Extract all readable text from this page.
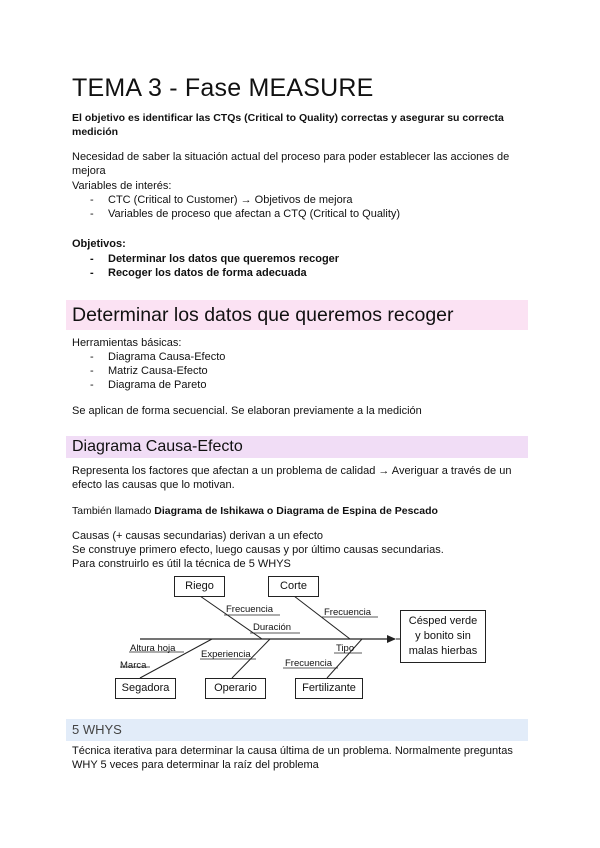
TEMA 3 - Fase MEASURE
El objetivo es identificar las CTQs (Critical to Quality) correctas y asegurar su correcta medición
Necesidad de saber la situación actual del proceso para poder establecer las acciones de mejora
Variables de interés:
- CTC (Critical to Customer) → Objetivos de mejora
- Variables de proceso que afectan a CTQ (Critical to Quality)
Objetivos:
- Determinar los datos que queremos recoger
- Recoger los datos de forma adecuada
Determinar los datos que queremos recoger
Herramientas básicas:
- Diagrama Causa-Efecto
- Matriz Causa-Efecto
- Diagrama de Pareto
Se aplican de forma secuencial. Se elaboran previamente a la medición
Diagrama Causa-Efecto
Representa los factores que afectan a un problema de calidad → Averiguar a través de un efecto las causas que lo motivan.
También llamado Diagrama de Ishikawa o Diagrama de Espina de Pescado
Causas (+ causas secundarias) derivan a un efecto
Se construye primero efecto, luego causas y por último causas secundarias.
Para construirlo es útil la técnica de 5 WHYS
Riego	Corte
Segadora	Operario	Fertilizante
Césped verde y bonito sin malas hierbas
Frecuencia
Duración
Frecuencia
Altura hoja
Marca
Experiencia
Tipo
Frecuencia
5 WHYS
Técnica iterativa para determinar la causa última de un problema. Normalmente preguntas WHY 5 veces para determinar la raíz del problema
